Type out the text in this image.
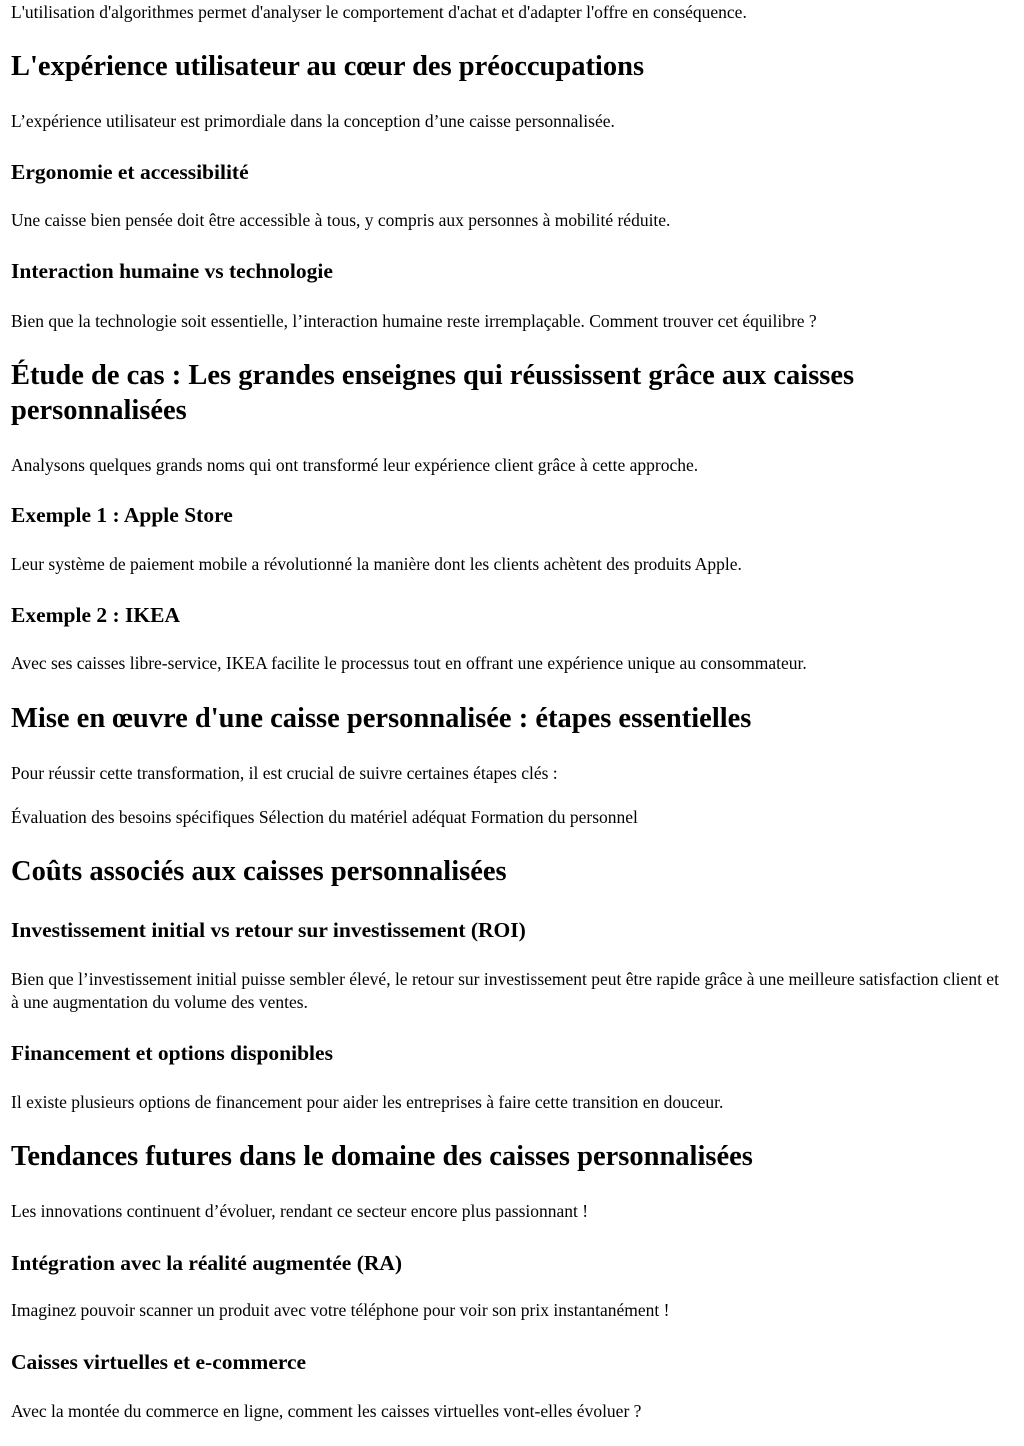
L'utilisation d'algorithmes permet d'analyser le comportement d'achat et d'adapter l'offre en conséquence.

L'expérience utilisateur au cœur des préoccupations

L’expérience utilisateur est primordiale dans la conception d’une caisse personnalisée.

Ergonomie et accessibilité

Une caisse bien pensée doit être accessible à tous, y compris aux personnes à mobilité réduite.

Interaction humaine vs technologie

Bien que la technologie soit essentielle, l’interaction humaine reste irremplaçable. Comment trouver cet équilibre ?

Étude de cas : Les grandes enseignes qui réussissent grâce aux caisses personnalisées

Analysons quelques grands noms qui ont transformé leur expérience client grâce à cette approche.

Exemple 1 : Apple Store

Leur système de paiement mobile a révolutionné la manière dont les clients achètent des produits Apple.

Exemple 2 : IKEA

Avec ses caisses libre-service, IKEA facilite le processus tout en offrant une expérience unique au consommateur.

Mise en œuvre d'une caisse personnalisée : étapes essentielles

Pour réussir cette transformation, il est crucial de suivre certaines étapes clés :

Évaluation des besoins spécifiques Sélection du matériel adéquat Formation du personnel

Coûts associés aux caisses personnalisées
Investissement initial vs retour sur investissement (ROI)

Bien que l’investissement initial puisse sembler élevé, le retour sur investissement peut être rapide grâce à une meilleure satisfaction client et à une augmentation du volume des ventes.

Financement et options disponibles

Il existe plusieurs options de financement pour aider les entreprises à faire cette transition en douceur.

Tendances futures dans le domaine des caisses personnalisées

Les innovations continuent d’évoluer, rendant ce secteur encore plus passionnant !

Intégration avec la réalité augmentée (RA)

Imaginez pouvoir scanner un produit avec votre téléphone pour voir son prix instantanément !

Caisses virtuelles et e-commerce

Avec la montée du commerce en ligne, comment les caisses virtuelles vont-elles évoluer ?
